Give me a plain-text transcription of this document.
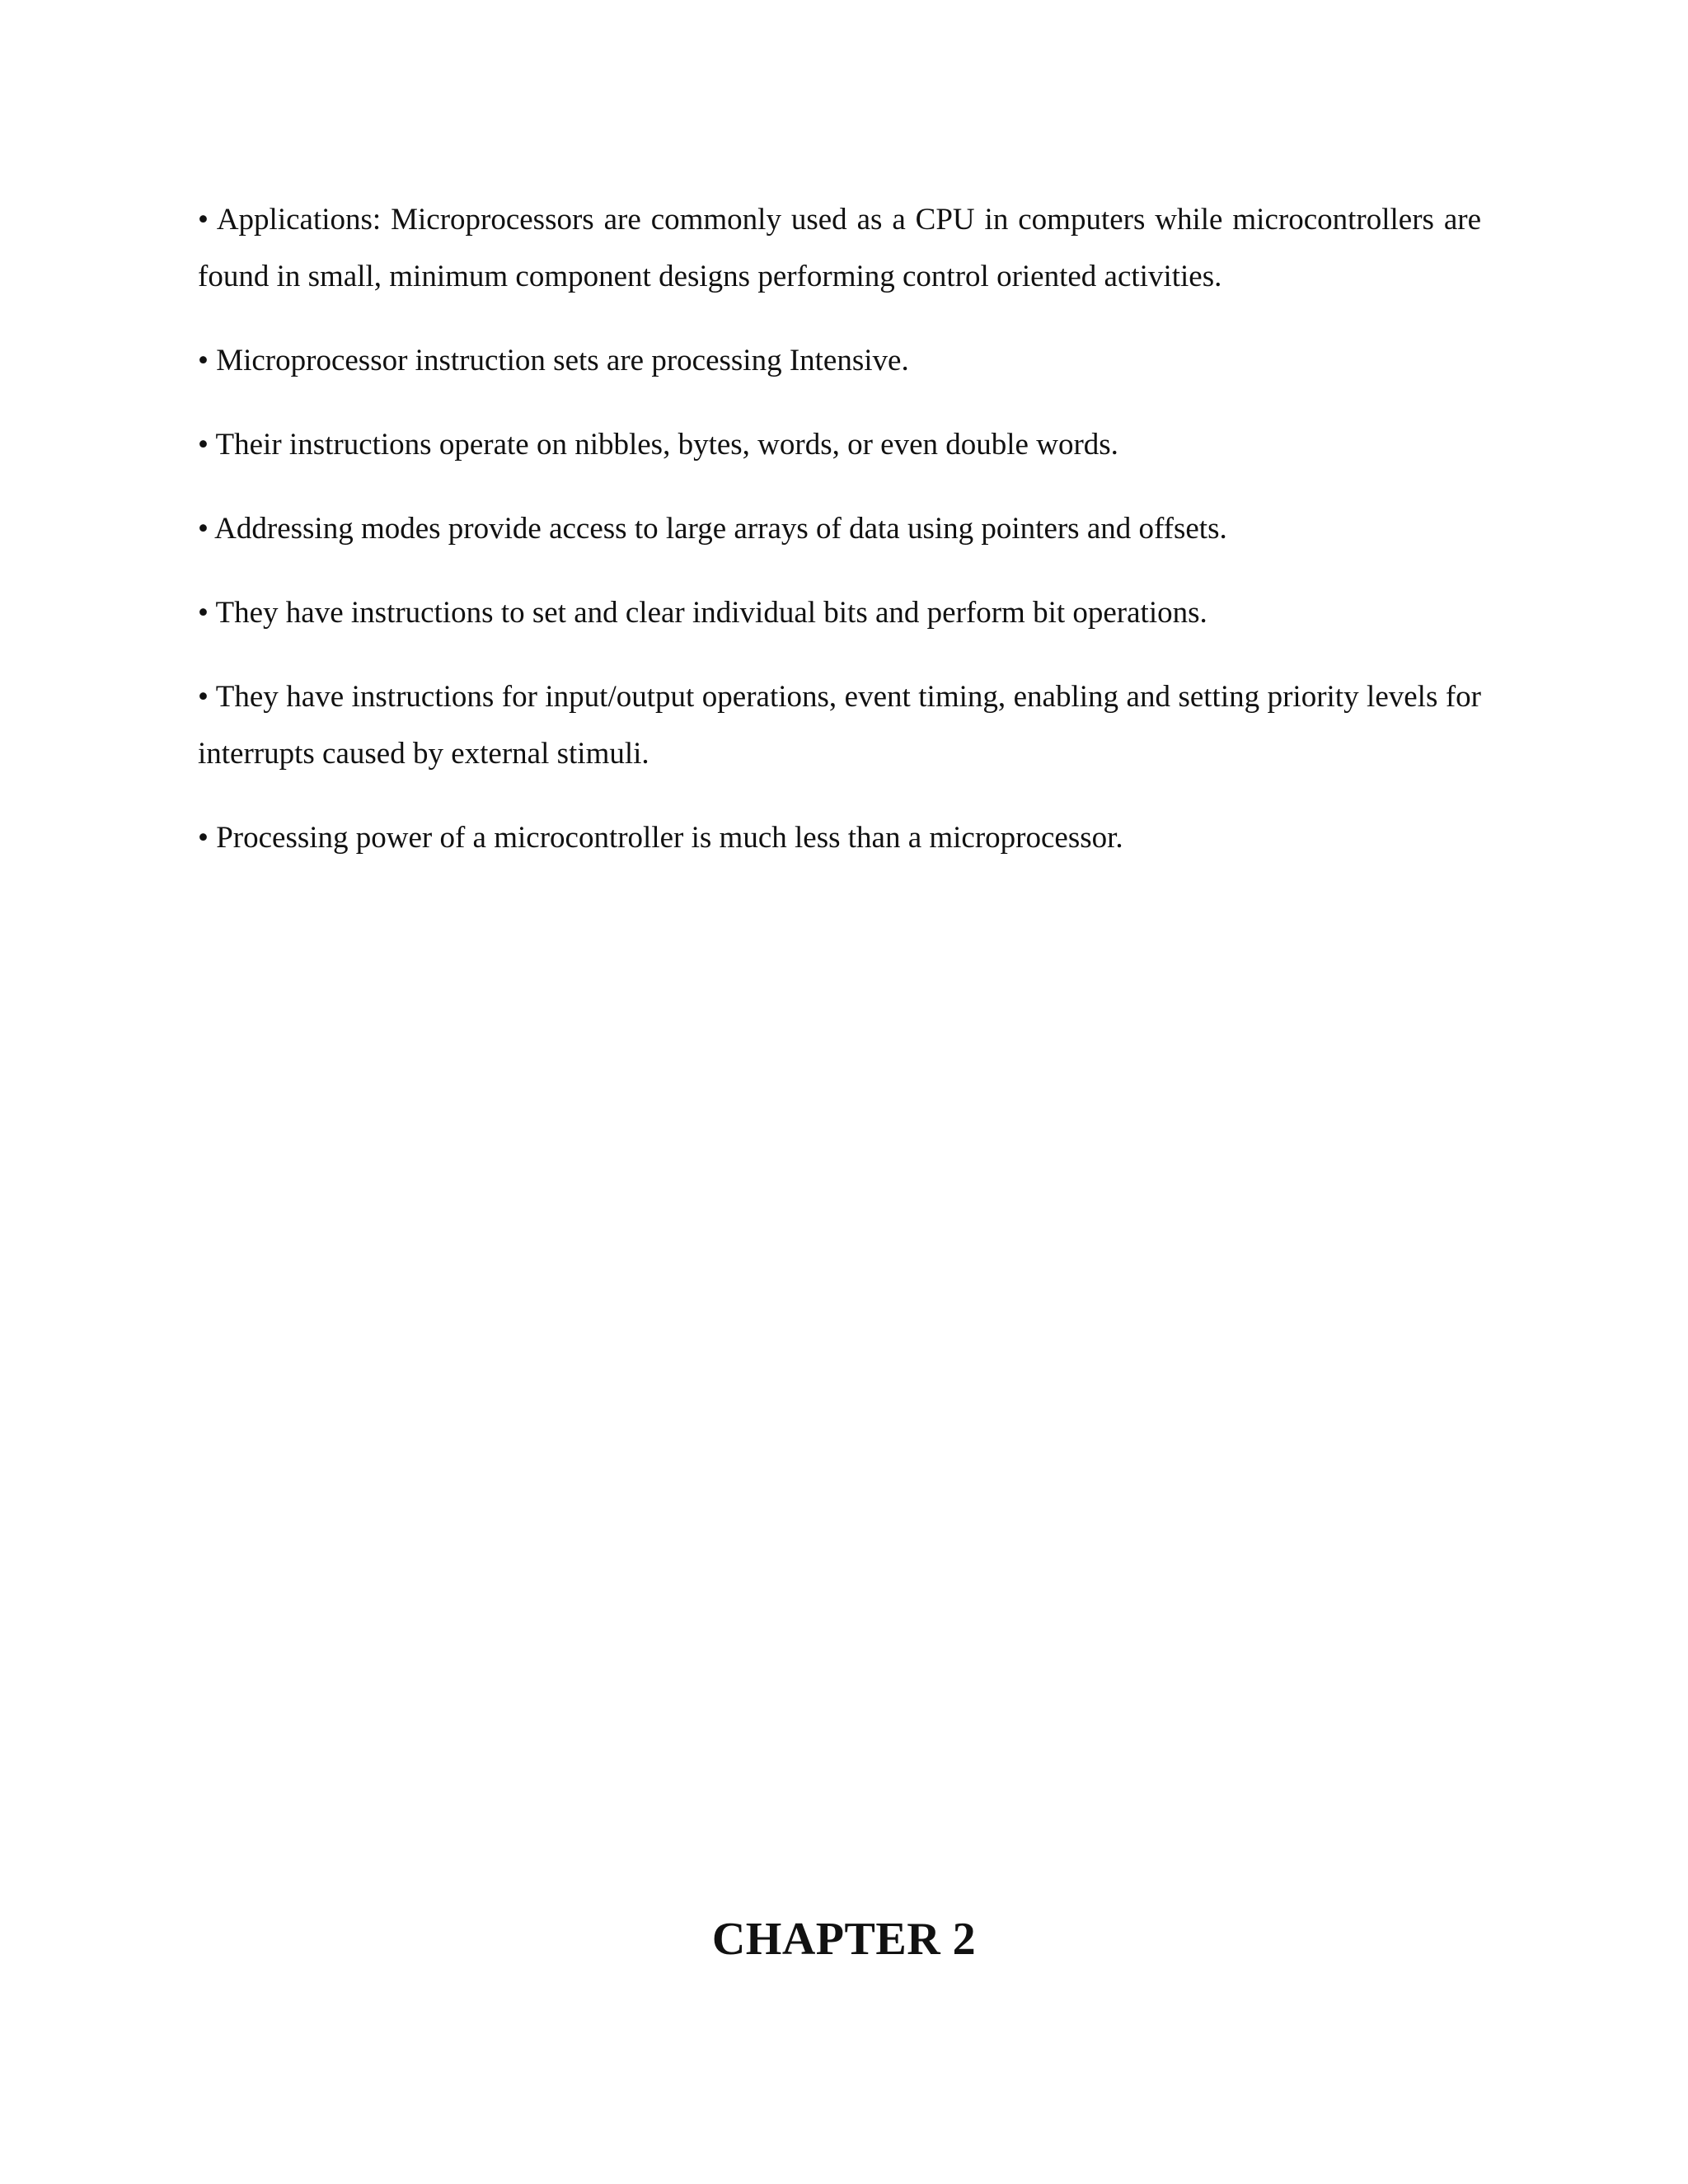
• Applications: Microprocessors are commonly used as a CPU in computers while microcontrollers are found in small, minimum component designs performing control oriented activities.

• Microprocessor instruction sets are processing Intensive.

• Their instructions operate on nibbles, bytes, words, or even double words.

• Addressing modes provide access to large arrays of data using pointers and offsets.

• They have instructions to set and clear individual bits and perform bit operations.

• They have instructions for input/output operations, event timing, enabling and setting priority levels for interrupts caused by external stimuli.

• Processing power of a microcontroller is much less than a microprocessor.

CHAPTER 2
